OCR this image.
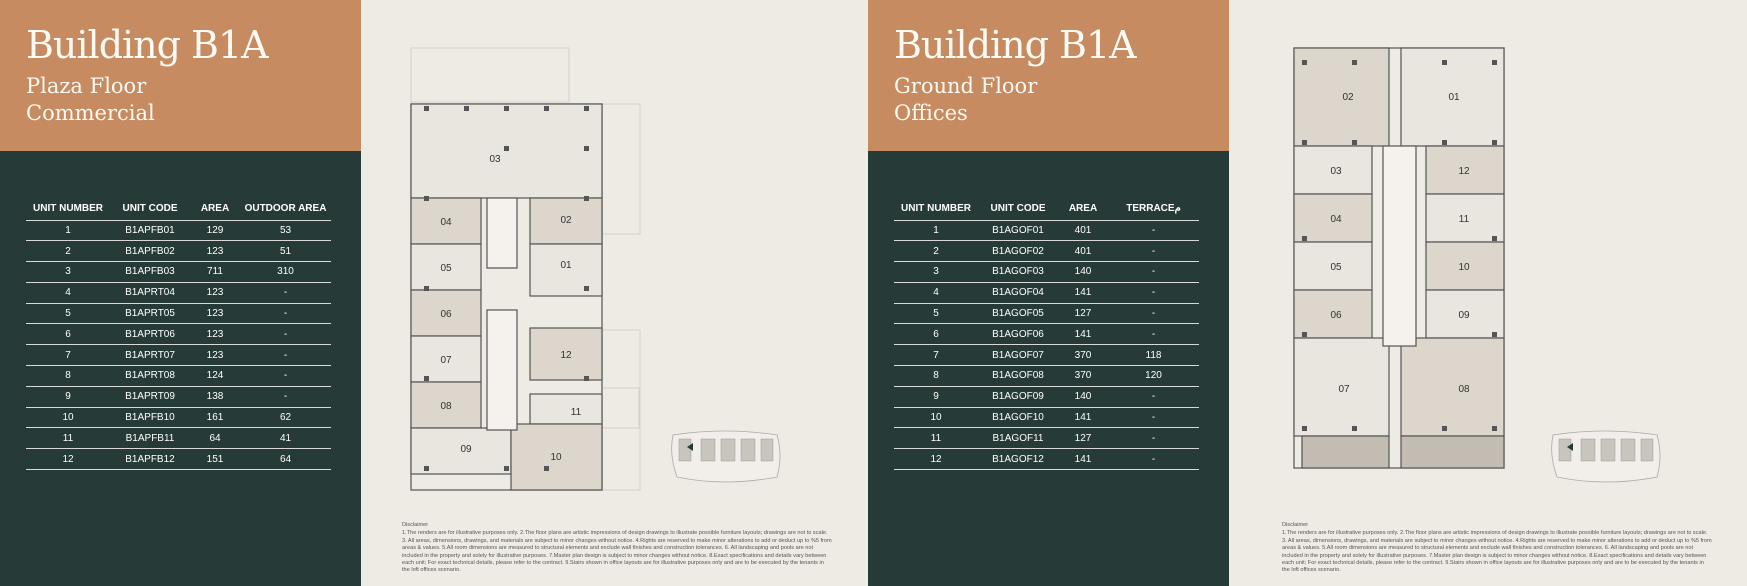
Building B1A
Plaza Floor
Commercial
UNIT NUMBER	UNIT CODE	AREA	OUTDOOR AREA
1	B1APFB01	129	53
2	B1APFB02	123	51
3	B1APFB03	711	310
4	B1APRT04	123	-
5	B1APRT05	123	-
6	B1APRT06	123	-
7	B1APRT07	123	-
8	B1APRT08	124	-
9	B1APRT09	138	-
10	B1APFB10	161	62
11	B1APFB11	64	41
12	B1APFB12	151	64
03
04	02
05	01
06
07	12
08
11
09
10
Disclaimer
1.The renders are for illustrative purposes only. 2.The floor plans are artistic impressions of design drawings to illustrate possible furniture layouts; drawings are not to scale. 3. All areas, dimensions, drawings, and materials are subject to minor changes without notice. 4.Rights are reserved to make minor alterations to add or deduct up to %5 from areas & values. 5.All room dimensions are measured to structural elements and exclude wall finishes and construction tolerances. 6. All landscaping and pools are not included in the property and solely for illustrative purposes. 7.Master plan design is subject to minor changes without notice. 8.Exact specifications and details vary between each unit; For exact technical details, please refer to the contract. 9.Stairs shown in office layouts are for illustrative purposes only and are to be executed by the tenants in the loft offices scenario.
Building B1A
Ground Floor
Offices
UNIT NUMBER	UNIT CODE	AREA	TERRACEم
1	B1AGOF01	401	-
2	B1AGOF02	401	-
3	B1AGOF03	140	-
4	B1AGOF04	141	-
5	B1AGOF05	127	-
6	B1AGOF06	141	-
7	B1AGOF07	370	118
8	B1AGOF08	370	120
9	B1AGOF09	140	-
10	B1AGOF10	141	-
11	B1AGOF11	127	-
12	B1AGOF12	141	-
02	01
03	12
04	11
05	10
06	09
07	08
Disclaimer
1.The renders are for illustrative purposes only. 2.The floor plans are artistic impressions of design drawings to illustrate possible furniture layouts; drawings are not to scale. 3. All areas, dimensions, drawings, and materials are subject to minor changes without notice. 4.Rights are reserved to make minor alterations to add or deduct up to %5 from areas & values. 5.All room dimensions are measured to structural elements and exclude wall finishes and construction tolerances. 6. All landscaping and pools are not included in the property and solely for illustrative purposes. 7.Master plan design is subject to minor changes without notice. 8.Exact specifications and details vary between each unit; For exact technical details, please refer to the contract. 9.Stairs shown in office layouts are for illustrative purposes only and are to be executed by the tenants in the loft offices scenario.
